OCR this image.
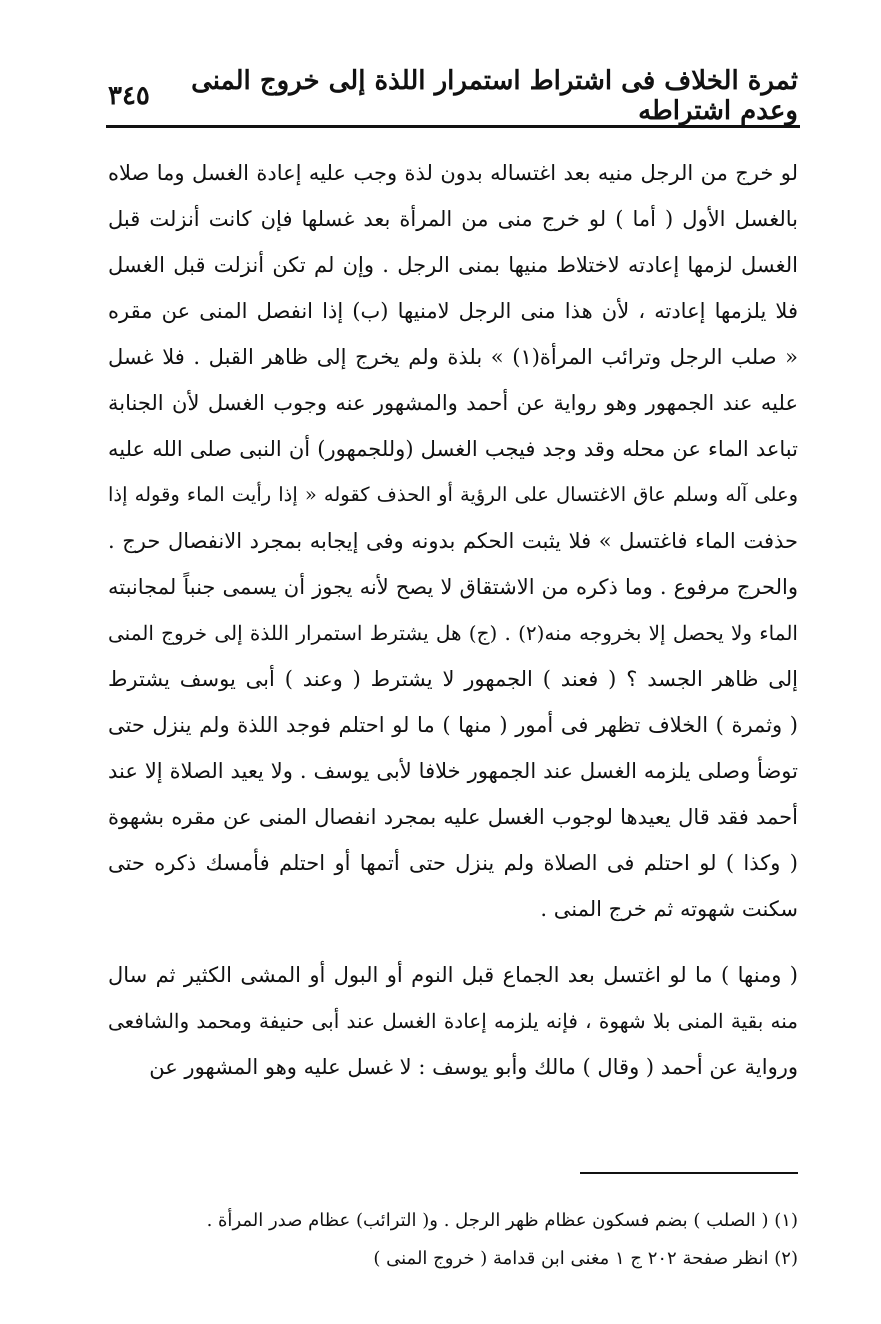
ثمرة الخلاف فى اشتراط استمرار اللذة إلى خروج المنى وعدم اشتراطه
٣٤٥
لو خرج من الرجل منيه بعد اغتساله بدون لذة وجب عليه إعادة الغسل وما صلاه
بالغسل الأول ( أما ) لو خرج منى من المرأة بعد غسلها فإن كانت أنزلت قبل
الغسل لزمها إعادته لاختلاط منيها بمنى الرجل . وإن لم تكن أنزلت قبل الغسل
فلا يلزمها إعادته ، لأن هذا منى الرجل لامنيها (ب) إذا انفصل المنى عن مقره
« صلب الرجل وترائب المرأة(١) » بلذة ولم يخرج إلى ظاهر القبل . فلا غسل
عليه عند الجمهور وهو رواية عن أحمد والمشهور عنه وجوب الغسل لأن الجنابة
تباعد الماء عن محله وقد وجد فيجب الغسل (وللجمهور) أن النبى صلى الله عليه
وعلى آله وسلم عاق الاغتسال على الرؤية أو الحذف كقوله « إذا رأيت الماء وقوله إذا
حذفت الماء فاغتسل » فلا يثبت الحكم بدونه وفى إيجابه بمجرد الانفصال حرج .
والحرج مرفوع . وما ذكره من الاشتقاق لا يصح لأنه يجوز أن يسمى جنباً لمجانبته
الماء ولا يحصل إلا بخروجه منه(٢) . (ج) هل يشترط استمرار اللذة إلى خروج المنى
إلى ظاهر الجسد ؟ ( فعند ) الجمهور لا يشترط ( وعند ) أبى يوسف يشترط
( وثمرة ) الخلاف تظهر فى أمور ( منها ) ما لو احتلم فوجد اللذة ولم ينزل حتى
توضأ وصلى يلزمه الغسل عند الجمهور خلافا لأبى يوسف . ولا يعيد الصلاة إلا عند
أحمد فقد قال يعيدها لوجوب الغسل عليه بمجرد انفصال المنى عن مقره بشهوة
( وكذا ) لو احتلم فى الصلاة ولم ينزل حتى أتمها أو احتلم فأمسك ذكره حتى
سكنت شهوته ثم خرج المنى .
( ومنها ) ما لو اغتسل بعد الجماع قبل النوم أو البول أو المشى الكثير ثم سال
منه بقية المنى بلا شهوة ، فإنه يلزمه إعادة الغسل عند أبى حنيفة ومحمد والشافعى
ورواية عن أحمد ( وقال ) مالك وأبو يوسف : لا غسل عليه وهو المشهور عن
(١) ( الصلب ) بضم فسكون عظام ظهر الرجل . و( الترائب) عظام صدر المرأة .
(٢) انظر صفحة ٢٠٢ ج ١ مغنى ابن قدامة ( خروج المنى )
